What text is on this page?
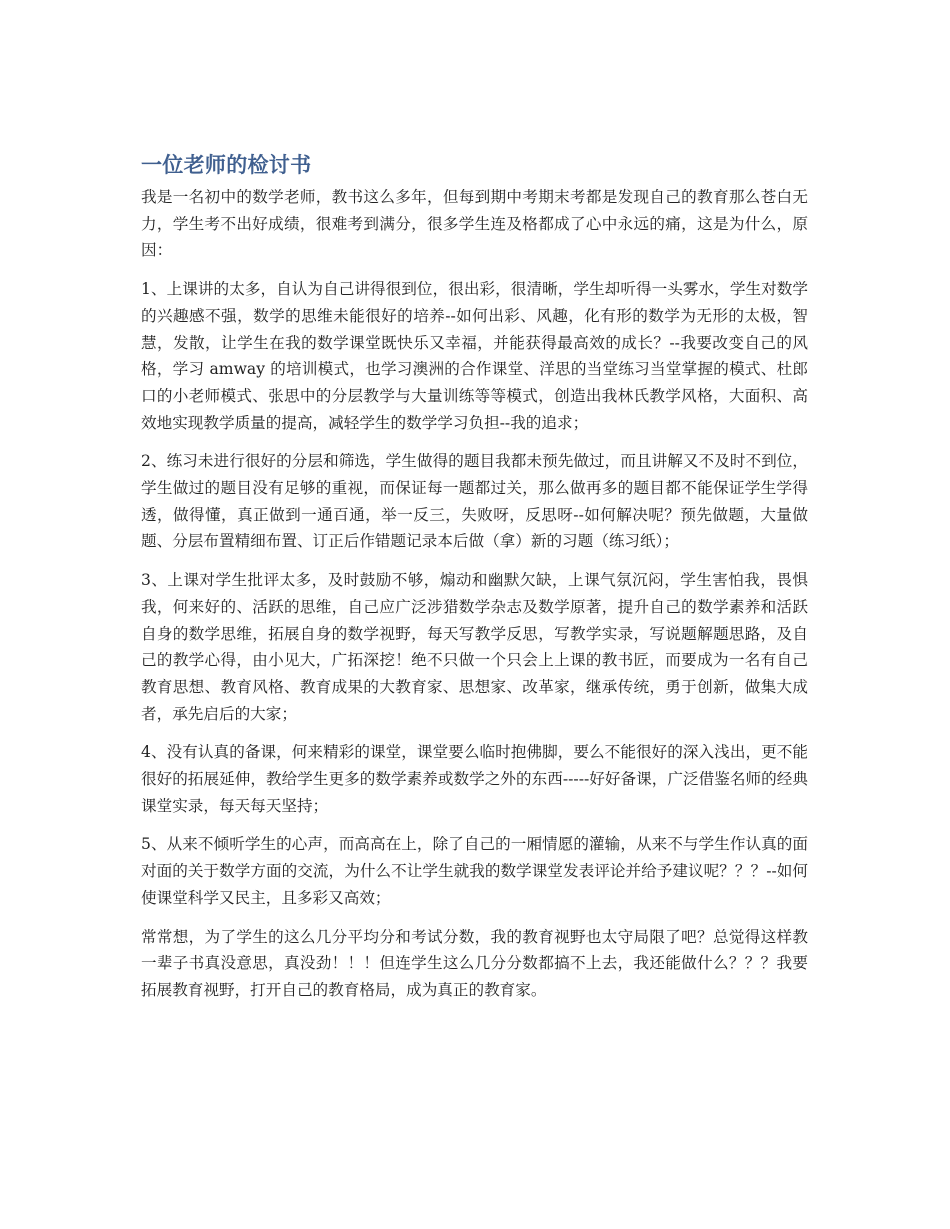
一位老师的检讨书

我是一名初中的数学老师，教书这么多年，但每到期中考期末考都是发现自己的教育那么苍白无力，学生考不出好成绩，很难考到满分，很多学生连及格都成了心中永远的痛，这是为什么，原因：

1、上课讲的太多，自认为自己讲得很到位，很出彩，很清晰，学生却听得一头雾水，学生对数学的兴趣感不强，数学的思维未能很好的培养--如何出彩、风趣，化有形的数学为无形的太极，智慧，发散，让学生在我的数学课堂既快乐又幸福，并能获得最高效的成长？--我要改变自己的风格，学习 amway 的培训模式，也学习澳洲的合作课堂、洋思的当堂练习当堂掌握的模式、杜郎口的小老师模式、张思中的分层教学与大量训练等等模式，创造出我林氏教学风格，大面积、高效地实现教学质量的提高，减轻学生的数学学习负担--我的追求；

2、练习未进行很好的分层和筛选，学生做得的题目我都未预先做过，而且讲解又不及时不到位，学生做过的题目没有足够的重视，而保证每一题都过关，那么做再多的题目都不能保证学生学得透，做得懂，真正做到一通百通，举一反三，失败呀，反思呀--如何解决呢？预先做题，大量做题、分层布置精细布置、订正后作错题记录本后做（拿）新的习题（练习纸）；

3、上课对学生批评太多，及时鼓励不够，煽动和幽默欠缺，上课气氛沉闷，学生害怕我，畏惧我，何来好的、活跃的思维，自己应广泛涉猎数学杂志及数学原著，提升自己的数学素养和活跃自身的数学思维，拓展自身的数学视野，每天写教学反思，写教学实录，写说题解题思路，及自己的教学心得，由小见大，广拓深挖！绝不只做一个只会上上课的教书匠，而要成为一名有自己教育思想、教育风格、教育成果的大教育家、思想家、改革家，继承传统，勇于创新，做集大成者，承先启后的大家；

4、没有认真的备课，何来精彩的课堂，课堂要么临时抱佛脚，要么不能很好的深入浅出，更不能很好的拓展延伸，教给学生更多的数学素养或数学之外的东西-----好好备课，广泛借鉴名师的经典课堂实录，每天每天坚持；

5、从来不倾听学生的心声，而高高在上，除了自己的一厢情愿的灌输，从来不与学生作认真的面对面的关于数学方面的交流，为什么不让学生就我的数学课堂发表评论并给予建议呢？？？--如何使课堂科学又民主，且多彩又高效；

常常想，为了学生的这么几分平均分和考试分数，我的教育视野也太守局限了吧？总觉得这样教一辈子书真没意思，真没劲！！！但连学生这么几分分数都搞不上去，我还能做什么？？？我要拓展教育视野，打开自己的教育格局，成为真正的教育家。
